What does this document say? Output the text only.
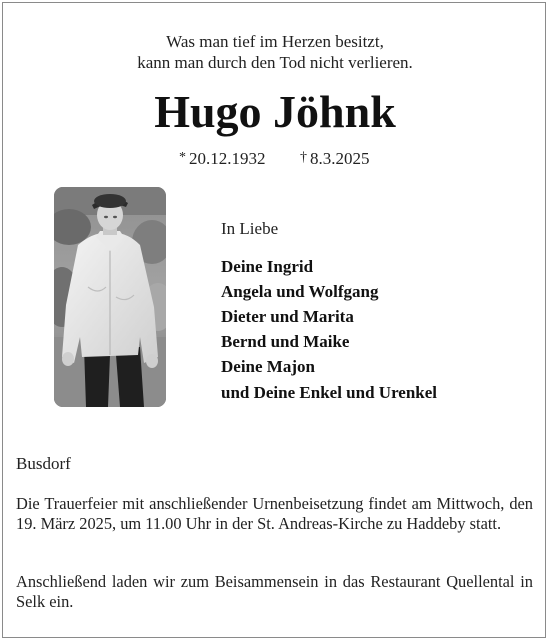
Was man tief im Herzen besitzt,
kann man durch den Tod nicht verlieren.
Hugo Jöhnk
* 20.12.1932 † 8.3.2025
In Liebe
Deine Ingrid
Angela und Wolfgang
Dieter und Marita
Bernd und Maike
Deine Majon
und Deine Enkel und Urenkel
Busdorf
Die Trauerfeier mit anschließender Urnenbeisetzung findet am Mittwoch, den 19. März 2025, um 11.00 Uhr in der St. Andreas-Kirche zu Haddeby statt.
Anschließend laden wir zum Beisammensein in das Restaurant Quellental in Selk ein.
